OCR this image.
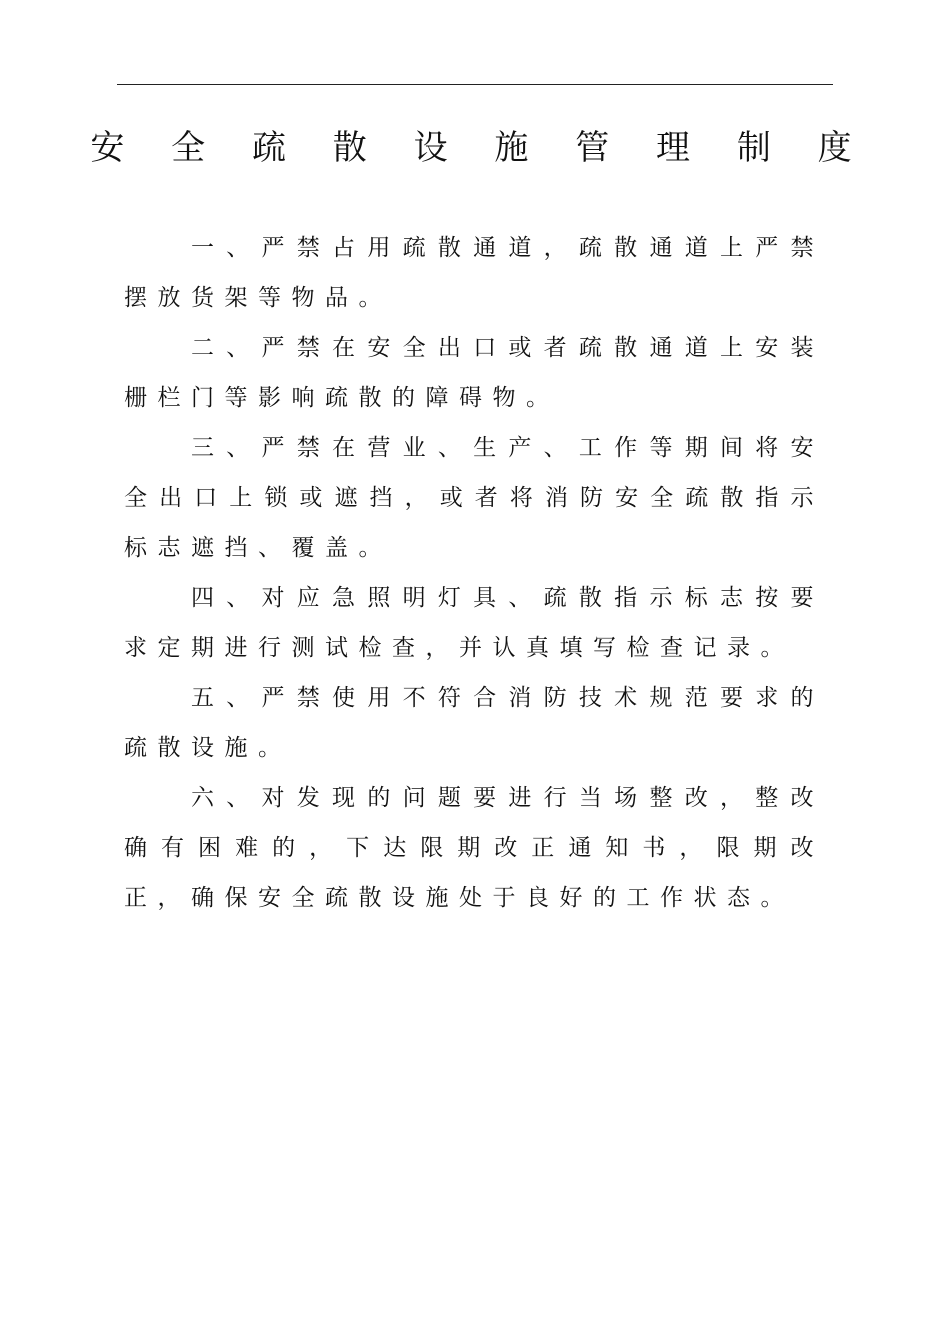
安 全 疏 散 设 施 管 理 制 度

一、严禁占用疏散通道，疏散通道上严禁摆放货架等物品。

二、严禁在安全出口或者疏散通道上安装栅栏门等影响疏散的障碍物。

三、严禁在营业、生产、工作等期间将安全出口上锁或遮挡，或者将消防安全疏散指示标志遮挡、覆盖。

四、对应急照明灯具、疏散指示标志按要求定期进行测试检查，并认真填写检查记录。

五、严禁使用不符合消防技术规范要求的疏散设施。

六、对发现的问题要进行当场整改，整改确有困难的，下达限期改正通知书，限期改正，确保安全疏散设施处于良好的工作状态。
